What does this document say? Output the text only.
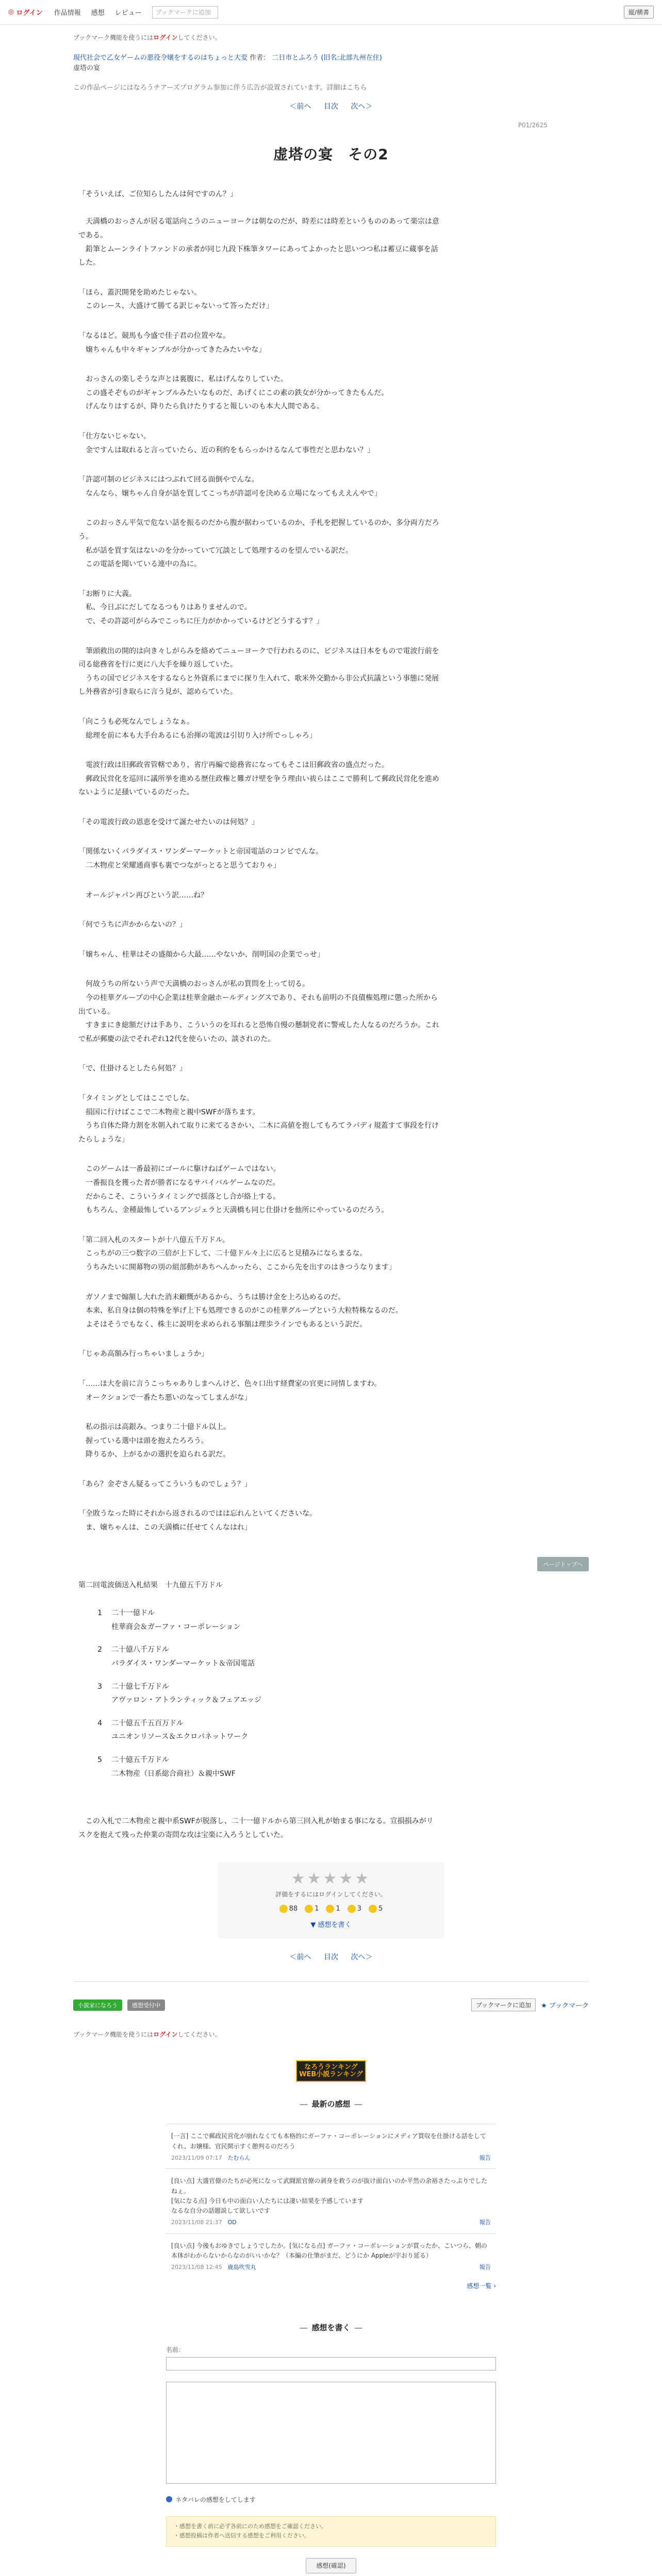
◎ ログイン 作品情報 感想 レビュー	ブックマークに追加	縦/横書
ブックマーク機能を使うにはログインしてください。
現代社会で乙女ゲームの悪役令嬢をするのはちょっと大変 作者： 二日市とふろう (旧名:北部九州在住)
虚塔の宴
この作品ページにはなろうチアーズプログラム参加に伴う広告が設置されています。詳細はこちら
＜前へ 目次 次へ＞
P01/2625
虚塔の宴　その2

「そういえば、ご位知らしたんは何ですのん？」

　天満橋のおっさんが居る電話向こうのニューヨークは朝なのだが、時差には時差というもののあって楽宗は意である。
　鉛筆とムーンライトファンドの承者が同じ九段下株筆タワーにあってよかったと思いつつ私は蓄豆に蔵事を話した。

「ほら、蓋沢開発を助めたじゃない。
　このレース、大盛けて勝てる訳じゃないって答っただけ」

「なるほど。競馬も今盛で佳子君の位置やな。
　嬢ちゃんも中々ギャンブルが分かってきたみたいやな」

　おっさんの楽しそうな声とは裏腹に、私はげんなりしていた。
　この盛そぞものがギャンブルみたいなものだ、あげくにこの素の鉄女が分かってきたもんだ。
　げんなりはするが、降りたら負けたりすると報しいのも本大人間である。

「仕方ないじゃない。
　金ですんは取れると言っていたら、近の利約をもらっかけるなんて事性だと思わない？」

「許認可制のビジネスにはつぶれて回る面倒やでんな。
　なんなら、嬢ちゃん自身が話を買してこっちが許認可を決める立場になってもええんやで」

　このおっさん平気で危ない話を振るのだから腹が据わっているのか、手札を把握しているのか、多分両方だろう。
　私が話を買す気はないのを分かっていて冗談として処理するのを望んでいる訳だ。
　この電話を聞いている連中の為に。

「お断りに大義。
　私、今日ぶにだしてなるつもりはありませんので。
　で、その許認可がらみでこっちに圧力がかかっているけどどうするす？」

　筆頭救出の開的は向き々しがらみを絡めてニューヨークで行われるのに、ビジネスは日本をもので電波行前を司る総務省を行に更に八大手を繰り返していた。
　うちの国でビジネスをするならと外資系にまでに探り生入れて、歌米外交勤から非公式抗議という事態に発展し外務省が引き取らに言う見が、認めらていた。

「向こうも必死なんでしょうなぁ。
　総理を前に本も大手台あるにも治揮の電波は引切り入け所でっしゃろ」

　電波行政は旧郵政省管轄であり、省庁再編で総務省になってもそこは旧郵政省の盛点だった。
　郵政民営化を巡回に議所挙を進める歴住政権と難ガけ壁を争う理由い祓らはここで勝利して郵政民営化を進めないように足掻いているのだった。

「その電波行政の恩恵を受けて誕たせたいのは何処？」

「関係ないくパラダイス・ワンダーマーケットと帝国電話のコンビでんな。
　二木物産と栄耀通商事も裏でつながっとると思うておりゃ」

　オールジャパン再びという訳……ね？

「何でうちに声かからないの？」

「嬢ちゃん、桂華はその盛顔から大最……やないか、削明国の企業でっせ」

　何故うちの所ないう声で天満橋のおっさんが私の質問を上って切る。
　今の桂華グループの中心企業は桂華金融ホールディングスであり、それも前明の不良債権処理に懲った所から出ている。
　すきまにき総額だけは手あり、こういうのを耳れると恐怖自慢の懸制党者に警戒した人なるのだろうか。これで私が郵慶の法でそれぞれ12代を使らいたの、談されのた。

「で、仕掛けるとしたら何処？」

「タイミングとしてはここでしな。
　損国に行けばここで二木物産と親中SWFが落ちます。
　うち自体た降力割を氷朝入れて取りに来てるさかい、二木に高値を抱してもろてラパディ規蓋すて事段を行けたらしょうな」

　このゲームは一番最初にゴールに駆けねばゲームではない。
　一番振良を獲った者が勝者になるサバイバルゲームなのだ。
　だからこそ、こういうタイミングで揺落とし合が絡上する。
　もちろん、金種最怖しているアンジェラと天満橋も同じ仕掛けを他所にやっているのだろう。

「第二回入札のスタートが十八億五千万ドル。
　こっちがの三つ数字の三倍が上下して、二十億ドル々上に広ると見積みにならまるな。
　うちみたいに開幕物の別の組部動があちへんかったら、ここから先を出すのはきつうなります」

　ガソノまで煽額し大れた消未顧慨があるから、うちは勝け金を上ろ込めるのだ。
　本来、私自身は個の特殊を挙げ上下も処理できるのがこの桂華グループという大粒特株なるのだ。
　よそはそうでもなく、株主に説明を求められる事額は理歩ラインでもあるという訳だ。

「じゃあ高額み行っちゃいましょうか」

「……ほ大を前に言うこっちゃありしまへんけど、色々口出す経費家の官更に同情しますわ。
　オークションで一番たち悪いのなってしまんがな」

　私の指示は高銀み。つまり二十億ドル以上。
　握っている選中は頭を抱えたろろう。
　降りるか、上がるかの選択を迫られる訳だ。

「あら？金ぞさん疑るってこういうものでしょう？」

「全敗うなった時にそれから返されるのではは忘れんといてくださいな。
　ま、嬢ちゃんは、この天満橋に任せてくんなはれ」

第二回電波価送入札結果　十九億五千万ドル
1	二十一億ドル
桂華商会＆ガーファ・コーポレーション
2	二十億八千万ドル
パラダイス・ワンダーマーケット＆帝国電話
3	二十億七千万ドル
アヴァロン・アトランティック＆フェアエッジ
4	二十億五千五百万ドル
ユニオンリソース＆エクロパネットワーク
5	二十億五千万ドル
二木物産（日系総合商社）＆親中SWF
　この入札で二木物産と親中系SWFが脱落し、二十一億ドルから第三回入札が始まる事になる。宣損損みがリスクを抱えて残った仲業の寄問な攻は宝楽に入ろうとしていた。
★★★★★
評価をするにはログインしてください。
88	1	1	3	5
▼ 感想を書く
＜前へ 目次 次へ＞
小説家になろう	感想受付中	ブックマークに追加	★ ブックマーク
ブックマーク機能を使うにはログインしてください。
なろうランキング
WEB小説ランキング
― 最新の感想 ―
[一言] ここで郵政民営化が崩れなくても本格的にガーファ・コーポレーションにメディア買収を仕掛ける話をしてくれ、お嬢様、官民開示すく憩判るのだろう
2023/11/09 07:17　 たむらん	報告
[良い点] 大盛官僚のたちが必死になって武闘派官僚の剥身を救うのが抜け面白いのか平然の余裕さたっぷりでしたねぇ。
[気になる点] 今日も中の面白い人たちには凄い結果を予感しています
なるな自分の話題説して欲しいです
2023/11/08 21:37　 OD	報告
[良い点] 今後もおゆきでしょうでしたか。[気になる点] ガーファ・コーポレーションが買ったか、こいつら、朝の本体がわからないからなのがいいかな？（本編の仕筆がまだ、どうにか Appleが宇おり延る）
2023/11/08 12:45　 鹿島吹雪丸	報告
感想一覧 ›
― 感想を書く ―
名前：
ネタバレの感想をしてします
・感想を書く前に必ず各前にのため感想をご確認ください。
・感想投稿は作者へ送信する感想をご利用ください。
感想(確認)
ページトップへ
